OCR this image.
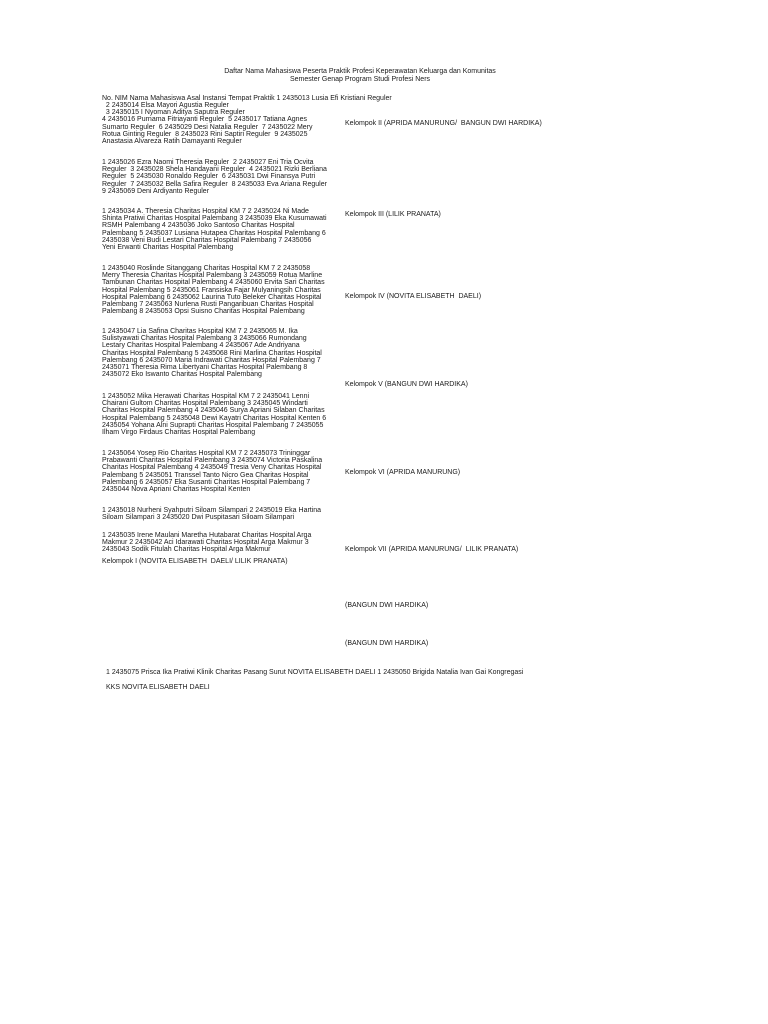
Daftar Nama Mahasiswa Peserta Praktik Profesi Keperawatan Keluarga dan Komunitas

Semester Genap Program Studi Profesi Ners

No. NIM Nama Mahasiswa Asal Instansi Tempat Praktik 1 2435013 Lusia Efi Kristiani Reguler

2 2435014 Elsa Mayori Agustia Reguler
3 2435015 I Nyoman Aditya Saputra Reguler
4 2435016 Purnama Fitriayanti Reguler  5 2435017 Tatiana Agnes
Sumarto Reguler  6 2435029 Desi Natalia Reguler  7 2435022 Mery
Rotua Ginting Reguler  8 2435023 Rini Saptiri Reguler  9 2435025
Anastasia Alvareza Ratih Damayanti Reguler

Kelompok II (APRIDA MANURUNG/  BANGUN DWI HARDIKA)

1 2435026 Ezra Naomi Theresia Reguler  2 2435027 Eni Tria Ocvita
Reguler  3 2435028 Shela Handayani Reguler  4 2435021 Rizki Berliana
Reguler  5 2435030 Ronaldo Reguler  6 2435031 Dwi Finansya Putri
Reguler  7 2435032 Bella Safira Reguler  8 2435033 Eva Ariana Reguler
9 2435069 Deni Ardiyanto Reguler

1 2435034 A. Theresia Charitas Hospital KM 7 2 2435024 Ni Made
Shinta Pratiwi Charitas Hospital Palembang 3 2435039 Eka Kusumawati
RSMH Palembang 4 2435036 Joko Santoso Charitas Hospital
Palembang 5 2435037 Lusiana Hutapea Charitas Hospital Palembang 6
2435038 Veni Budi Lestari Charitas Hospital Palembang 7 2435056
Yeni Erwanti Charitas Hospital Palembang

Kelompok III (LILIK PRANATA)

1 2435040 Roslinde Sitanggang Charitas Hospital KM 7 2 2435058
Merry Theresia Charitas Hospital Palembang 3 2435059 Rotua Marline
Tambunan Charitas Hospital Palembang 4 2435060 Ervita Sari Charitas
Hospital Palembang 5 2435061 Fransiska Fajar Mulyaningsih Charitas
Hospital Palembang 6 2435062 Laurina Tuto Beleker Charitas Hospital
Palembang 7 2435063 Nurlena Rusti Pangaribuan Charitas Hospital
Palembang 8 2435053 Opsi Suisno Charitas Hospital Palembang

Kelompok IV (NOVITA ELISABETH  DAELI)

1 2435047 Lia Safina Charitas Hospital KM 7 2 2435065 M. Ika
Sulistyawati Charitas Hospital Palembang 3 2435066 Rumondang
Lestary Charitas Hospital Palembang 4 2435067 Ade Andriyana
Charitas Hospital Palembang 5 2435068 Rini Marlina Charitas Hospital
Palembang 6 2435070 Maria Indrawati Charitas Hospital Palembang 7
2435071 Theresia Rima Libertyani Charitas Hospital Palembang 8
2435072 Eko Iswanto Charitas Hospital Palembang

Kelompok V (BANGUN DWI HARDIKA)

1 2435052 Mika Herawati Charitas Hospital KM 7 2 2435041 Lenni
Chairani Gultom Charitas Hospital Palembang 3 2435045 Windarti
Charitas Hospital Palembang 4 2435046 Surya Apriani Silaban Charitas
Hospital Palembang 5 2435048 Dewi Kayatri Charitas Hospital Kenten 6
2435054 Yohana Alni Suprapti Charitas Hospital Palembang 7 2435055
Ilham Virgo Firdaus Charitas Hospital Palembang

1 2435064 Yosep Rio Charitas Hospital KM 7 2 2435073 Trininggar
Prabawanti Charitas Hospital Palembang 3 2435074 Victoria Paskalina
Charitas Hospital Palembang 4 2435049 Tresia Veny Charitas Hospital
Palembang 5 2435051 Transsel Tanto Nicro Gea Charitas Hospital
Palembang 6 2435057 Eka Susanti Charitas Hospital Palembang 7
2435044 Nova Apriani Charitas Hospital Kenten

Kelompok VI (APRIDA MANURUNG)

1 2435018 Nurheni Syahputri Siloam Silampari 2 2435019 Eka Hartina
Siloam Silampari 3 2435020 Dwi Puspitasari Siloam Silampari

1 2435035 Irene Maulani Maretha Hutabarat Charitas Hospital Arga
Makmur 2 2435042 Aci Idarawati Charitas Hospital Arga Makmur 3
2435043 Sodik Fitulah Charitas Hospital Arga Makmur	Kelompok VII (APRIDA MANURUNG/  LILIK PRANATA)

Kelompok I (NOVITA ELISABETH  DAELI/ LILIK PRANATA)

(BANGUN DWI HARDIKA)

(BANGUN DWI HARDIKA)

1 2435075 Prisca Ika Pratiwi Klinik Charitas Pasang Surut NOVITA ELISABETH DAELI 1 2435050 Brigida Natalia Ivan Gai Kongregasi

KKS NOVITA ELISABETH DAELI
